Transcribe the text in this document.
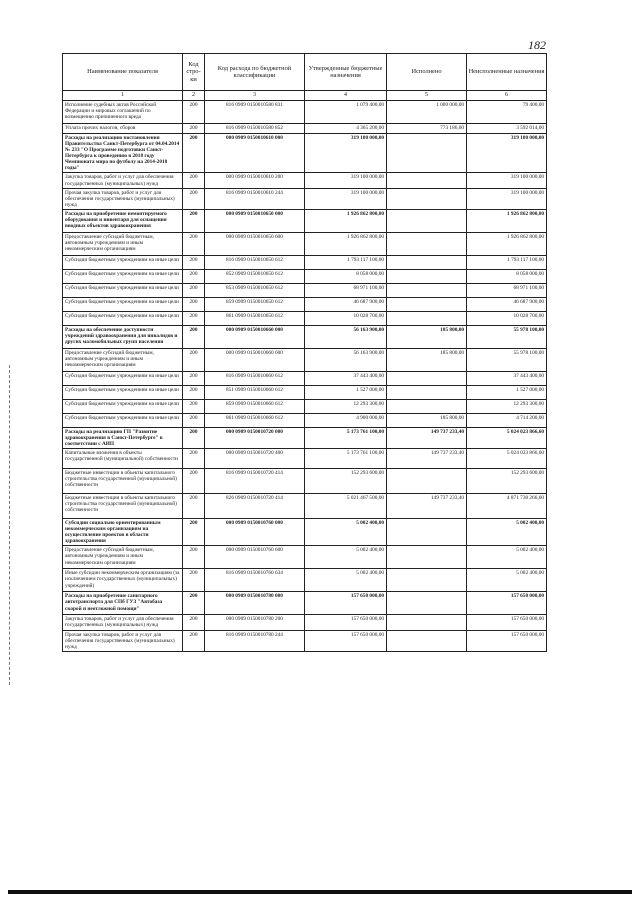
182
Наименование показателя	Код стро-ки	Код расхода по бюджетной классификации	Утвержденные бюджетные назначения	Исполнено	Неисполненные назначения
1	2	3	4	5	6
Исполнение судебных актов Российской Федерации и мировых соглашений по возмещению причиненного вреда	200	816 0909 0150010580 831	1 079 400,00	1 000 000,00	79 400,00
Уплата прочих налогов, сборов	200	816 0909 0150010580 852	4 365 200,00	773 186,00	3 592 014,00
Расходы на реализацию постановления Правительства Санкт-Петербурга от 04.04.2014 № 233 "О Программе подготовки Санкт-Петербурга к проведению в 2018 году Чемпионата мира по футболу на 2014-2018 годы"	200	000 0909 0150010610 000	319 100 000,00		319 100 000,00
Закупка товаров, работ и услуг для обеспечения государственных (муниципальных) нужд	200	000 0909 0150010610 200	319 100 000,00		319 100 000,00
Прочая закупка товаров, работ и услуг для обеспечения государственных (муниципальных) нужд	200	816 0909 0150010610 244	319 100 000,00		319 100 000,00
Расходы на приобретение немонтируемого оборудования и инвентаря для оснащения вводных объектов здравоохранения	200	000 0909 0150010650 000	1 926 862 800,00		1 926 862 800,00
Предоставление субсидий бюджетным, автономным учреждениям и иным некоммерческим организациям	200	000 0909 0150010650 600	1 926 862 800,00		1 926 862 800,00
Субсидии бюджетным учреждениям на иные цели	200	816 0909 0150010650 612	1 793 117 100,00		1 793 117 100,00
Субсидии бюджетным учреждениям на иные цели	200	852 0909 0150010650 612	8 058 000,00		8 058 000,00
Субсидии бюджетным учреждениям на иные цели	200	853 0909 0150010650 612	68 971 100,00		68 971 100,00
Субсидии бюджетным учреждениям на иные цели	200	859 0909 0150010650 612	46 687 900,00		46 687 900,00
Субсидии бюджетным учреждениям на иные цели	200	861 0909 0150010650 612	10 028 700,00		10 028 700,00
Расходы на обеспечение доступности учреждений здравоохранения для инвалидов и других маломобильных групп населения	200	000 0909 0150010660 000	56 163 900,00	185 800,00	55 978 100,00
Предоставление субсидий бюджетным, автономным учреждениям и иным некоммерческим организациям	200	000 0909 0150010660 600	56 163 900,00	185 800,00	55 978 100,00
Субсидии бюджетным учреждениям на иные цели	200	816 0909 0150010660 612	37 443 400,00		37 443 400,00
Субсидии бюджетным учреждениям на иные цели	200	851 0909 0150010660 612	1 527 000,00		1 527 000,00
Субсидии бюджетным учреждениям на иные цели	200	859 0909 0150010660 612	12 293 300,00		12 293 300,00
Субсидии бюджетным учреждениям на иные цели	200	861 0909 0150010660 612	4 900 000,00	185 800,00	4 714 200,00
Расходы на реализацию ГП "Развитие здравоохранения в Санкт-Петербурге" в соответствии с АИП	200	000 0909 0150010720 000	5 173 761 100,00	149 737 233,40	5 024 023 866,60
Капитальные вложения в объекты государственной (муниципальной) собственности	200	000 0909 0150010720 400	5 173 761 100,00	149 737 233,40	5 024 023 866,60
Бюджетные инвестиции в объекты капитального строительства государственной (муниципальной) собственности	200	816 0909 0150010720 414	152 293 600,00		152 293 600,00
Бюджетные инвестиции в объекты капитального строительства государственной (муниципальной) собственности	200	826 0909 0150010720 414	5 021 467 500,00	149 737 233,40	4 871 730 266,60
Субсидии социально ориентированным некоммерческим организациям на осуществление проектов в области здравоохранения	200	000 0909 0150010760 000	5 002 400,00		5 002 400,00
Предоставление субсидий бюджетным, автономным учреждениям и иным некоммерческим организациям	200	000 0909 0150010760 600	5 002 400,00		5 002 400,00
Иные субсидии некоммерческим организациям (за исключением государственных (муниципальных) учреждений)	200	816 0909 0150010760 634	5 002 400,00		5 002 400,00
Расходы на приобретение санитарного автотранспорта для СПб ГУЗ "Автобаза скорой и неотложной помощи"	200	000 0909 0150010780 000	157 650 000,00		157 650 000,00
Закупка товаров, работ и услуг для обеспечения государственных (муниципальных) нужд	200	000 0909 0150010780 200	157 650 000,00		157 650 000,00
Прочая закупка товаров, работ и услуг для обеспечения государственных (муниципальных) нужд	200	816 0909 0150010780 244	157 650 000,00		157 650 000,00
